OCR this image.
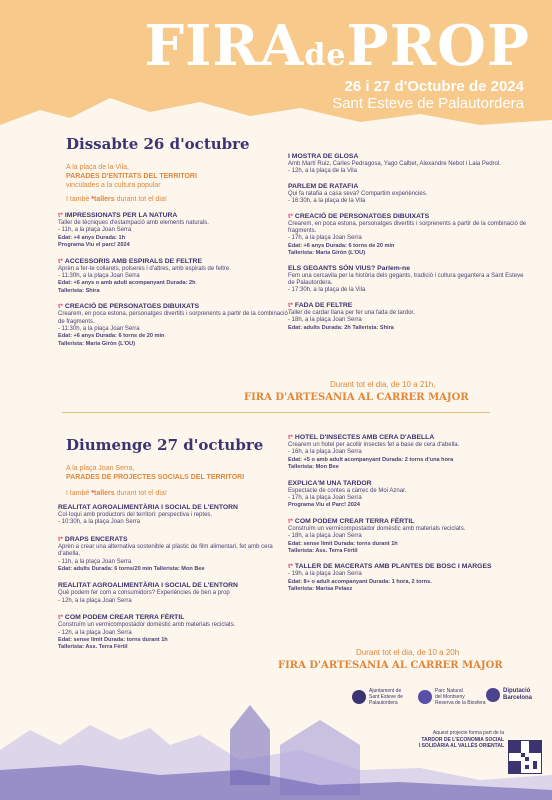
FIRAdePROP
26 i 27 d'Octubre de 2024
Sant Esteve de Palautordera
Dissabte 26 d'octubre
A la plaça de la Vila,
PARADES D'ENTITATS DEL TERRITORI
vinculades a la cultura popular
I també *tallers durant tot el dia!
t* IMPRESSIONATS PER LA NATURA
Taller de tècniques d'estampació amb elements naturals.
- 11h, a la plaça Joan Serra
Edat: +4 anys Durada: 1h
Programa Viu el parc! 2024
t* ACCESSORIS AMB ESPIRALS DE FELTRE
Aprèn a fer-te collarets, polseres i d'altres, amb espirals de feltre.
- 11:30h, a la plaça Joan Serra
Edat: +6 anys o amb adult acompanyant Durada: 2h
Tallerista: Shira
t* CREACIÓ DE PERSONATGES DIBUIXATS
Crearem, en poca estona, personatges divertits i sorprenents a partir de la combinació de fragments.
- 11:30h, a la plaça Joan Serra
Edat: +6 anys Durada: 6 torns de 20 min
Tallerista: Maria Giròn (L'OU)
I MOSTRA DE GLOSA
Amb Martí Ruiz, Carles Pedragosa, Yago Calbet, Alexandre Nebot i Laia Pedrol.
- 12h, a la plaça de la Vila
PARLEM DE RATAFIA
Qui fa ratafia a casa seva? Compartim experiències.
- 16:30h, a la plaça de la Vila
t* CREACIÓ DE PERSONATGES DIBUIXATS
Crearem, en poca estona, personatges divertits i sorprenents a partir de la combinació de fragments.
- 17h, a la plaça Joan Serra
Edat: +6 anys Durada: 6 torns de 20 min
Tallerista: Maria Giròn (L'OU)
ELS GEGANTS SÓN VIUS? Parlem-ne
Fem una cercavila per la història dels gegants, tradició i cultura gegantera a Sant Esteve de Palautordera.
- 17:30h, a la plaça de la Vila
t* FADA DE FELTRE
Taller de cardar llana per fer una fada de tardor.
- 18h, a la plaça Joan Serra
Edat: adults Durada: 2h Tallerista: Shira
Durant tot el dia, de 10 a 21h,
FIRA D'ARTESANIA AL CARRER MAJOR
Diumenge 27 d'octubre
A la plaça Joan Serra,
PARADES DE PROJECTES SOCIALS DEL TERRITORI
I també *tallers durant tot el dia!
REALITAT AGROALIMENTÀRIA I SOCIAL DE L'ENTORN
Col·loqui amb productors del territori: perspectiva i reptes.
- 10:30h, a la plaça Joan Serra
t* DRAPS ENCERATS
Aprèn a crear una alternativa sostenible al plàstic de film alimentari, fet amb cera d'abella.
- 11h, a la plaça Joan Serra
Edat: adults Durada: 6 torns/20 min Tallerista: Mon Bee
REALITAT AGROALIMENTÀRIA I SOCIAL DE L'ENTORN
Què podem fer com a consumidors? Experiències de ben a prop
- 12h, a la plaça Joan Serra
t* COM PODEM CREAR TERRA FÈRTIL
Construïm un vermicompostador domèstic amb materials reciclats.
- 12h, a la plaça Joan Serra
Edat: sense límit Durada: torns durant 1h
Tallerista: Ass. Terra Fèrtil
t* HOTEL D'INSECTES AMB CERA D'ABELLA
Crearem un hotel per acollir insectes fet a base de cera d'abella.
- 16h, a la plaça Joan Serra
Edat: +5 o amb adult acompanyant Durada: 2 torns d'una hora
Tallerista: Mon Bee
EXPLICA'M UNA TARDOR
Espectacle de contes a càrrec de Moi Aznar.
- 17h, a la plaça Joan Serra
Programa Viu el Parc! 2024
t* COM PODEM CREAR TERRA FÈRTIL
Construïm un vermicompostador domèstic amb materials reciclats.
- 18h, a la plaça Joan Serra
Edat: sense límit Durada: torns durant 1h
Tallerista: Ass. Terra Fèrtil
t* TALLER DE MACERATS AMB PLANTES DE BOSC I MARGES
- 19h, a la plaça Joan Serra
Edat: 8+ o adult acompanyant Durada: 1 hora, 2 torns.
Tallerista: Marisa Pelaez
Durant tot el dia, de 10 a 20h
FIRA D'ARTESANIA AL CARRER MAJOR
Ajuntament de
Sant Esteve de
Palautordera
Parc Natural
del Montseny
Reserva de la Biosfera
Diputació
Barcelona
Aquest projecte forma part de la
TARDOR DE L'ECONOMIA SOCIAL
I SOLIDÀRIA AL VALLÈS ORIENTAL
